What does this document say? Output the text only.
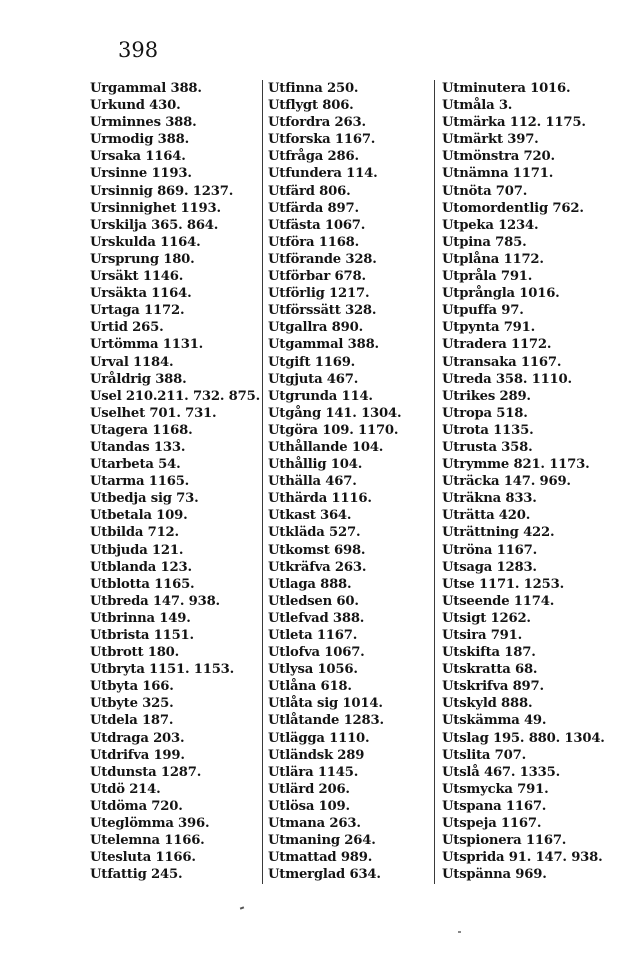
398
Urgammal 388.
Urkund 430.
Urminnes 388.
Urmodig 388.
Ursaka 1164.
Ursinne 1193.
Ursinnig 869. 1237.
Ursinnighet 1193.
Urskilja 365. 864.
Urskulda 1164.
Ursprung 180.
Ursäkt 1146.
Ursäkta 1164.
Urtaga 1172.
Urtid 265.
Urtömma 1131.
Urval 1184.
Uråldrig 388.
Usel 210.211. 732. 875.
Uselhet 701. 731.
Utagera 1168.
Utandas 133.
Utarbeta 54.
Utarma 1165.
Utbedja sig 73.
Utbetala 109.
Utbilda 712.
Utbjuda 121.
Utblanda 123.
Utblotta 1165.
Utbreda 147. 938.
Utbrinna 149.
Utbrista 1151.
Utbrott 180.
Utbryta 1151. 1153.
Utbyta 166.
Utbyte 325.
Utdela 187.
Utdraga 203.
Utdrifva 199.
Utdunsta 1287.
Utdö 214.
Utdöma 720.
Uteglömma 396.
Utelemna 1166.
Utesluta 1166.
Utfattig 245.
Utfinna 250.
Utflygt 806.
Utfordra 263.
Utforska 1167.
Utfråga 286.
Utfundera 114.
Utfärd 806.
Utfärda 897.
Utfästa 1067.
Utföra 1168.
Utförande 328.
Utförbar 678.
Utförlig 1217.
Utförssätt 328.
Utgallra 890.
Utgammal 388.
Utgift 1169.
Utgjuta 467.
Utgrunda 114.
Utgång 141. 1304.
Utgöra 109. 1170.
Uthållande 104.
Uthållig 104.
Uthälla 467.
Uthärda 1116.
Utkast 364.
Utkläda 527.
Utkomst 698.
Utkräfva 263.
Utlaga 888.
Utledsen 60.
Utlefvad 388.
Utleta 1167.
Utlofva 1067.
Utlysa 1056.
Utlåna 618.
Utlåta sig 1014.
Utlåtande 1283.
Utlägga 1110.
Utländsk 289
Utlära 1145.
Utlärd 206.
Utlösa 109.
Utmana 263.
Utmaning 264.
Utmattad 989.
Utmerglad 634.
Utminutera 1016.
Utmåla 3.
Utmärka 112. 1175.
Utmärkt 397.
Utmönstra 720.
Utnämna 1171.
Utnöta 707.
Utomordentlig 762.
Utpeka 1234.
Utpina 785.
Utplåna 1172.
Utpråla 791.
Utprångla 1016.
Utpuffa 97.
Utpynta 791.
Utradera 1172.
Utransaka 1167.
Utreda 358. 1110.
Utrikes 289.
Utropa 518.
Utrota 1135.
Utrusta 358.
Utrymme 821. 1173.
Uträcka 147. 969.
Uträkna 833.
Uträtta 420.
Uträttning 422.
Utröna 1167.
Utsaga 1283.
Utse 1171. 1253.
Utseende 1174.
Utsigt 1262.
Utsira 791.
Utskifta 187.
Utskratta 68.
Utskrifva 897.
Utskyld 888.
Utskämma 49.
Utslag 195. 880. 1304.
Utslita 707.
Utslå 467. 1335.
Utsmycka 791.
Utspana 1167.
Utspeja 1167.
Utspionera 1167.
Utsprida 91. 147. 938.
Utspänna 969.
